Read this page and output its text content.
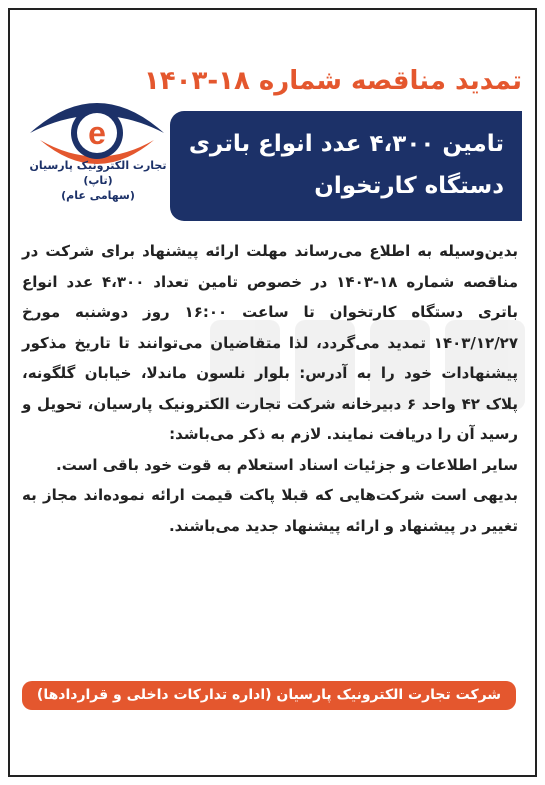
e
تجارت الکترونیک پارسیان (تاپ)
(سهامی عام)
تمدید مناقصه شماره ۱۸-۱۴۰۳
تامین ۴،۳۰۰ عدد انواع باتری
دستگاه کارتخوان

بدین‌وسیله به اطلاع می‌رساند مهلت ارائه پیشنهاد برای شرکت در مناقصه شماره ۱۸-۱۴۰۳ در خصوص تامین تعداد ۴،۳۰۰ عدد انواع باتری دستگاه کارتخوان تا ساعت ۱۶:۰۰ روز دوشنبه مورخ ۱۴۰۳/۱۲/۲۷ تمدید می‌گردد، لذا متقاضیان می‌توانند تا تاریخ مذکور پیشنهادات خود را به آدرس: بلوار نلسون ماندلا، خیابان گلگونه، پلاک ۴۲ واحد ۶ دبیرخانه شرکت تجارت الکترونیک پارسیان، تحویل و رسید آن را دریافت نمایند. لازم به ذکر می‌باشد:

سایر اطلاعات و جزئیات اسناد استعلام به قوت خود باقی است.

بدیهی است شرکت‌هایی که قبلا پاکت قیمت ارائه نموده‌اند مجاز به تغییر در پیشنهاد و ارائه پیشنهاد جدید می‌باشند.

شرکت تجارت الکترونیک پارسیان (اداره تدارکات داخلی و قراردادها)
